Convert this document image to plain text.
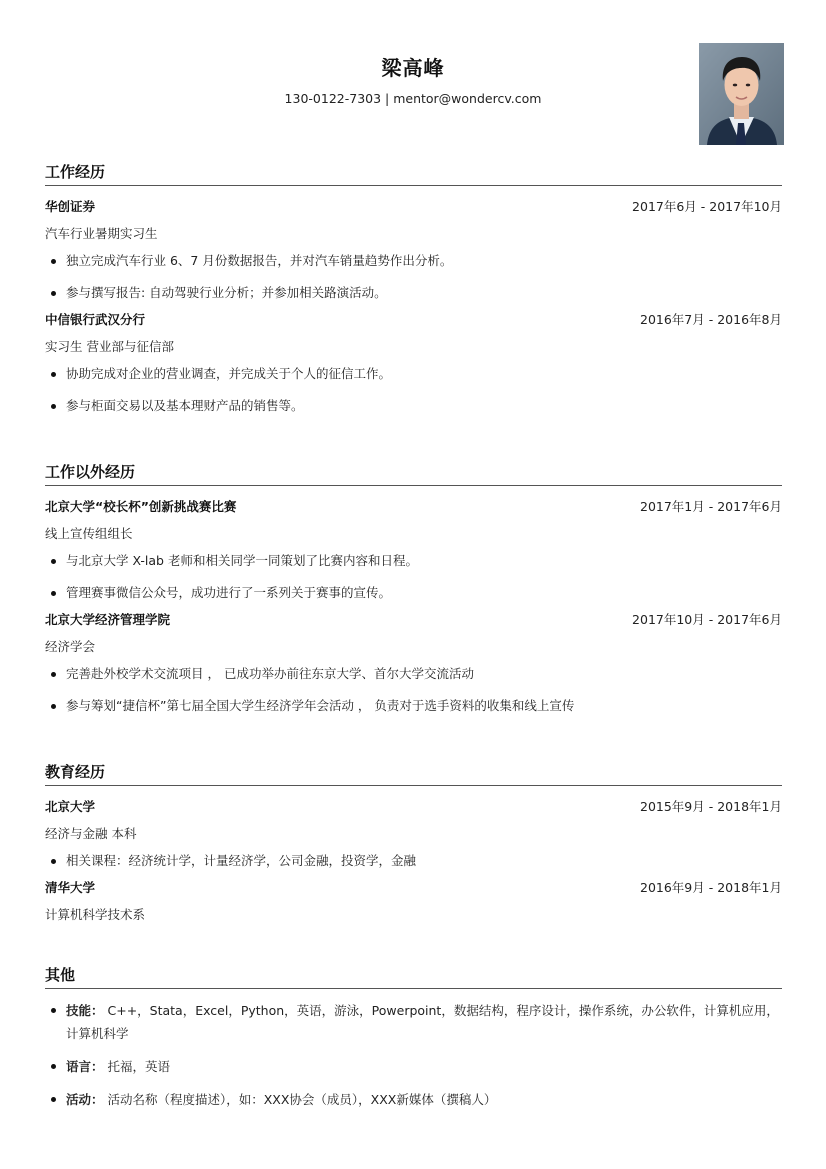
梁高峰
130-0122-7303 | mentor@wondercv.com
工作经历
华创证券	2017年6月 - 2017年10月
汽车行业暑期实习生
独立完成汽车行业 6、7 月份数据报告，并对汽车销量趋势作出分析。
参与撰写报告: 自动驾驶行业分析；并参加相关路演活动。
中信银行武汉分行	2016年7月 - 2016年8月
实习生 营业部与征信部
协助完成对企业的营业调查，并完成关于个人的征信工作。
参与柜面交易以及基本理财产品的销售等。
工作以外经历
北京大学“校长杯”创新挑战赛比赛	2017年1月 - 2017年6月
线上宣传组组长
与北京大学 X-lab 老师和相关同学一同策划了比赛内容和日程。
管理赛事微信公众号，成功进行了一系列关于赛事的宣传。
北京大学经济管理学院	2017年10月 - 2017年6月
经济学会
完善赴外校学术交流项目 ， 已成功举办前往东京大学、首尔大学交流活动
参与筹划“捷信杯”第七届全国大学生经济学年会活动 ， 负责对于选手资料的收集和线上宣传
教育经历
北京大学	2015年9月 - 2018年1月
经济与金融 本科
相关课程：经济统计学，计量经济学，公司金融，投资学，金融
清华大学	2016年9月 - 2018年1月
计算机科学技术系
其他
技能： C++，Stata，Excel，Python，英语，游泳，Powerpoint，数据结构，程序设计，操作系统，办公软件，计算机应用，计算机科学
语言： 托福，英语
活动： 活动名称（程度描述），如：XXX协会（成员），XXX新媒体（撰稿人）
